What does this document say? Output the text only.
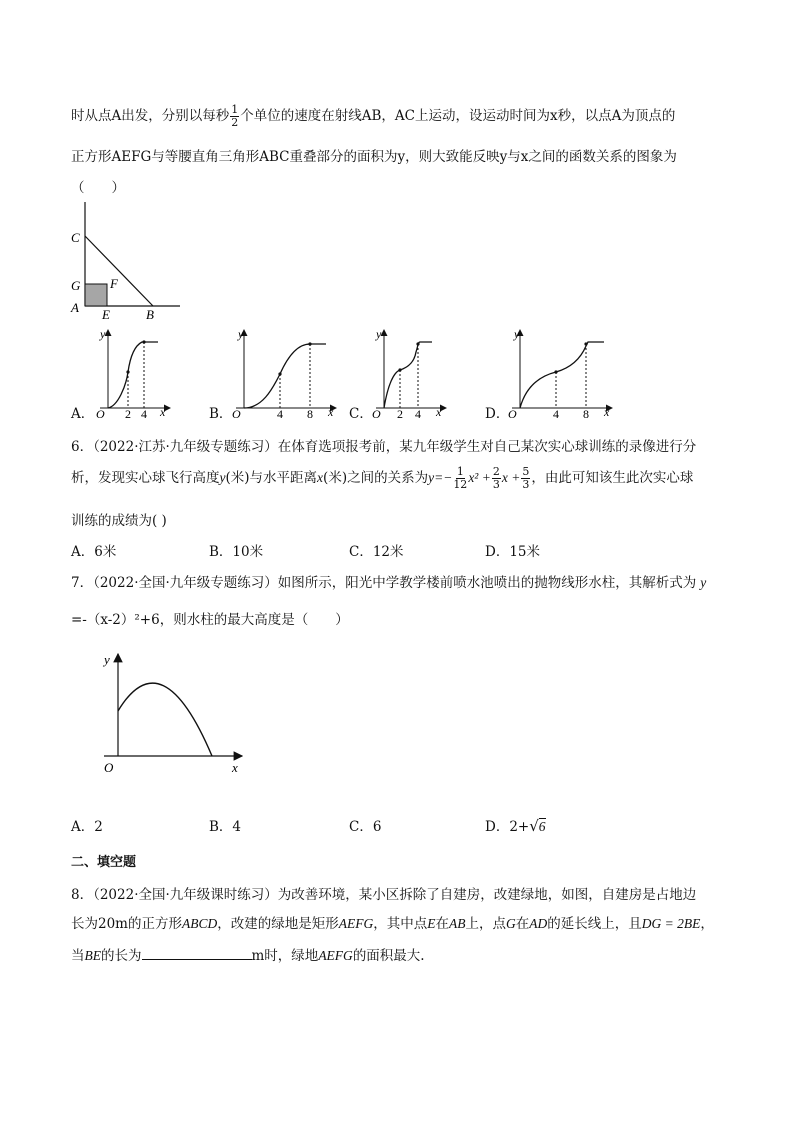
时从点A出发，分别以每秒 $\frac{1}{2}$ 个单位的速度在射线AB，AC上运动，设运动时间为x秒，以点A为顶点的
正方形AEFG与等腰直角三角形ABC重叠部分的面积为y，则大致能反映y与x之间的函数关系的图象为
（　　）
C
G F
A E	B
A．
y
O 2 4 x	B．
y
O	4 8 x C．
y
O 2 4 x	D．
y
O	4 8 x
6．（2022·江苏·九年级专题练习）在体育选项报考前，某九年级学生对自己某次实心球训练的录像进行分
析，发现实心球飞行高度y(米)与水平距离x(米)之间的关系为$y=- \frac{1}{12} x^2 + \frac{2}{3}$ $x + \frac{5}{3}$ ，由此可知该生此次实心球
训练的成绩为( )
A．6米	B．10米	C．12米	D．15米
7．（2022·全国·九年级专题练习）如图所示，阳光中学教学楼前喷水池喷出的抛物线形水柱，其解析式为 y
=-（x-2）²+6，则水柱的最大高度是（　　）
y
O	x
A．2	B．4	C．6	D．2+√6
二、填空题
8．（2022·全国·九年级课时练习）为改善环境，某小区拆除了自建房，改建绿地，如图，自建房是占地边
长为20m的正方形ABCD，改建的绿地是矩形AEFG，其中点E在AB上，点G在AD的延长线上，且DG = 2BE，
当BE的长为	m时，绿地AEFG的面积最大.
